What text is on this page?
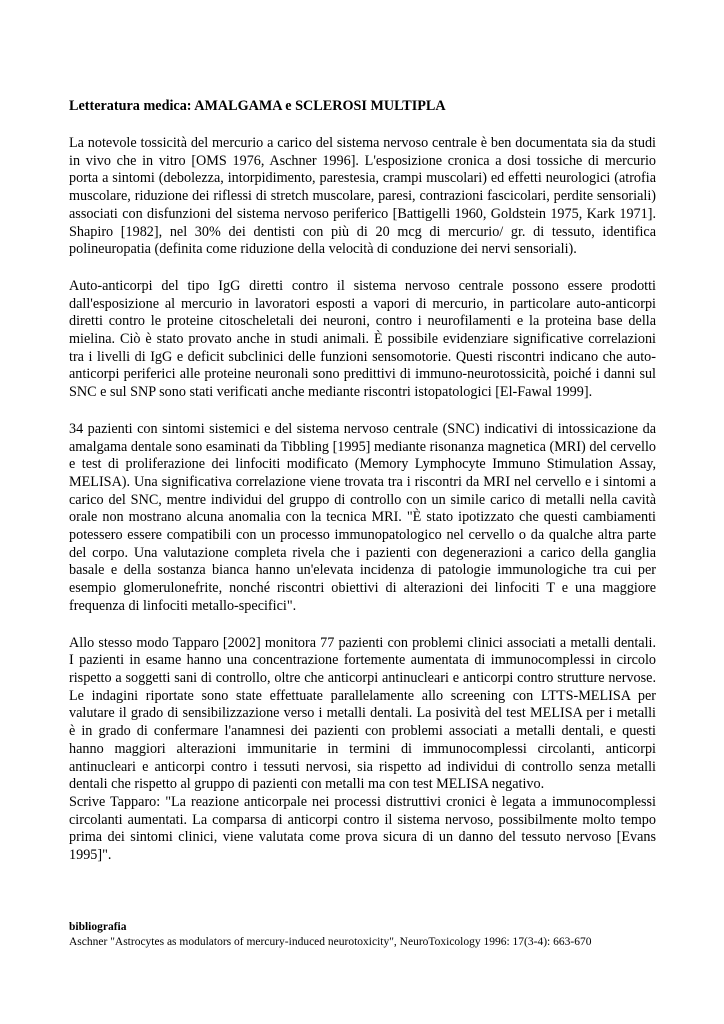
Letteratura medica: AMALGAMA e SCLEROSI MULTIPLA

La notevole tossicità del mercurio a carico del sistema nervoso centrale è ben documentata sia da studi in vivo che in vitro [OMS 1976, Aschner 1996]. L'esposizione cronica a dosi tossiche di mercurio porta a sintomi (debolezza, intorpidimento, parestesia, crampi muscolari) ed effetti neurologici (atrofia muscolare, riduzione dei riflessi di stretch muscolare, paresi, contrazioni fascicolari, perdite sensoriali) associati con disfunzioni del sistema nervoso periferico [Battigelli 1960, Goldstein 1975, Kark 1971]. Shapiro [1982], nel 30% dei dentisti con più di 20 mcg di mercurio/ gr. di tessuto, identifica polineuropatia (definita come riduzione della velocità di conduzione dei nervi sensoriali).

Auto-anticorpi del tipo IgG diretti contro il sistema nervoso centrale possono essere prodotti dall'esposizione al mercurio in lavoratori esposti a vapori di mercurio, in particolare auto-anticorpi diretti contro le proteine citoscheletali dei neuroni, contro i neurofilamenti e la proteina base della mielina. Ciò è stato provato anche in studi animali. È possibile evidenziare significative correlazioni tra i livelli di IgG e deficit subclinici delle funzioni sensomotorie. Questi riscontri indicano che auto-anticorpi periferici alle proteine neuronali sono predittivi di immuno-neurotossicità, poiché i danni sul SNC e sul SNP sono stati verificati anche mediante riscontri istopatologici [El-Fawal 1999].

34 pazienti con sintomi sistemici e del sistema nervoso centrale (SNC) indicativi di intossicazione da amalgama dentale sono esaminati da Tibbling [1995] mediante risonanza magnetica (MRI) del cervello e test di proliferazione dei linfociti modificato (Memory Lymphocyte Immuno Stimulation Assay, MELISA). Una significativa correlazione viene trovata tra i riscontri da MRI nel cervello e i sintomi a carico del SNC, mentre individui del gruppo di controllo con un simile carico di metalli nella cavità orale non mostrano alcuna anomalia con la tecnica MRI. "È stato ipotizzato che questi cambiamenti potessero essere compatibili con un processo immunopatologico nel cervello o da qualche altra parte del corpo. Una valutazione completa rivela che i pazienti con degenerazioni a carico della ganglia basale e della sostanza bianca hanno un'elevata incidenza di patologie immunologiche tra cui per esempio glomerulonefrite, nonché riscontri obiettivi di alterazioni dei linfociti T e una maggiore frequenza di linfociti metallo-specifici".

Allo stesso modo Tapparo [2002] monitora 77 pazienti con problemi clinici associati a metalli dentali. I pazienti in esame hanno una concentrazione fortemente aumentata di immunocomplessi in circolo rispetto a soggetti sani di controllo, oltre che anticorpi antinucleari e anticorpi contro strutture nervose. Le indagini riportate sono state effettuate parallelamente allo screening con LTTS-MELISA per valutare il grado di sensibilizzazione verso i metalli dentali. La posività del test MELISA per i metalli è in grado di confermare l'anamnesi dei pazienti con problemi associati a metalli dentali, e questi hanno maggiori alterazioni immunitarie in termini di immunocomplessi circolanti, anticorpi antinucleari e anticorpi contro i tessuti nervosi, sia rispetto ad individui di controllo senza metalli dentali che rispetto al gruppo di pazienti con metalli ma con test MELISA negativo.

Scrive Tapparo: "La reazione anticorpale nei processi distruttivi cronici è legata a immunocomplessi circolanti aumentati. La comparsa di anticorpi contro il sistema nervoso, possibilmente molto tempo prima dei sintomi clinici, viene valutata come prova sicura di un danno del tessuto nervoso [Evans 1995]".

bibliografia
Aschner "Astrocytes as modulators of mercury-induced neurotoxicity", NeuroToxicology 1996: 17(3-4): 663-670
